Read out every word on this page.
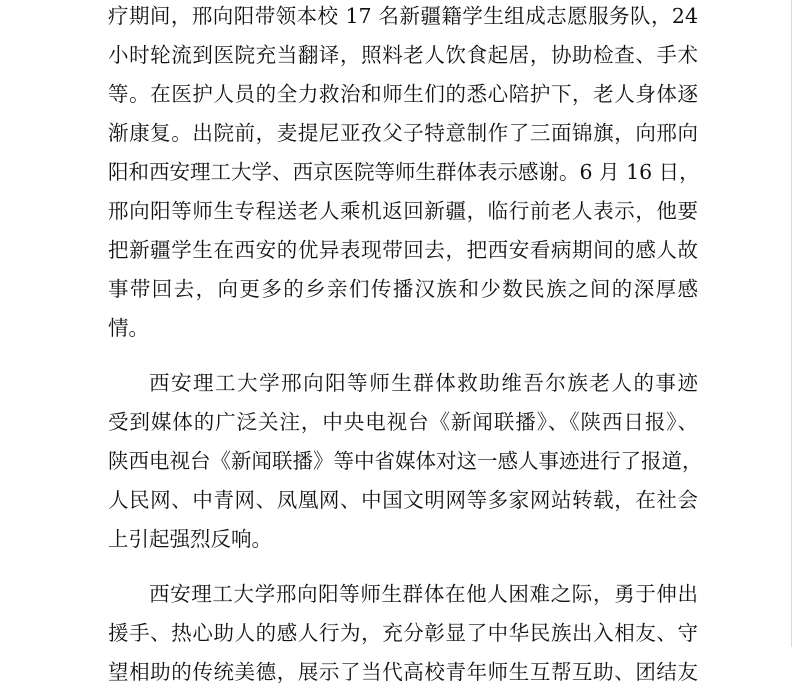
疗期间，邢向阳带领本校 17 名新疆籍学生组成志愿服务队，24
小时轮流到医院充当翻译，照料老人饮食起居，协助检查、手术
等。在医护人员的全力救治和师生们的悉心陪护下，老人身体逐
渐康复。出院前，麦提尼亚孜父子特意制作了三面锦旗，向邢向
阳和西安理工大学、西京医院等师生群体表示感谢。6 月 16 日，
邢向阳等师生专程送老人乘机返回新疆，临行前老人表示，他要
把新疆学生在西安的优异表现带回去，把西安看病期间的感人故
事带回去，向更多的乡亲们传播汉族和少数民族之间的深厚感
情。
西安理工大学邢向阳等师生群体救助维吾尔族老人的事迹
受到媒体的广泛关注，中央电视台《新闻联播》、《陕西日报》、
陕西电视台《新闻联播》等中省媒体对这一感人事迹进行了报道，
人民网、中青网、凤凰网、中国文明网等多家网站转载，在社会
上引起强烈反响。
西安理工大学邢向阳等师生群体在他人困难之际，勇于伸出
援手、热心助人的感人行为，充分彰显了中华民族出入相友、守
望相助的传统美德，展示了当代高校青年师生互帮互助、团结友
